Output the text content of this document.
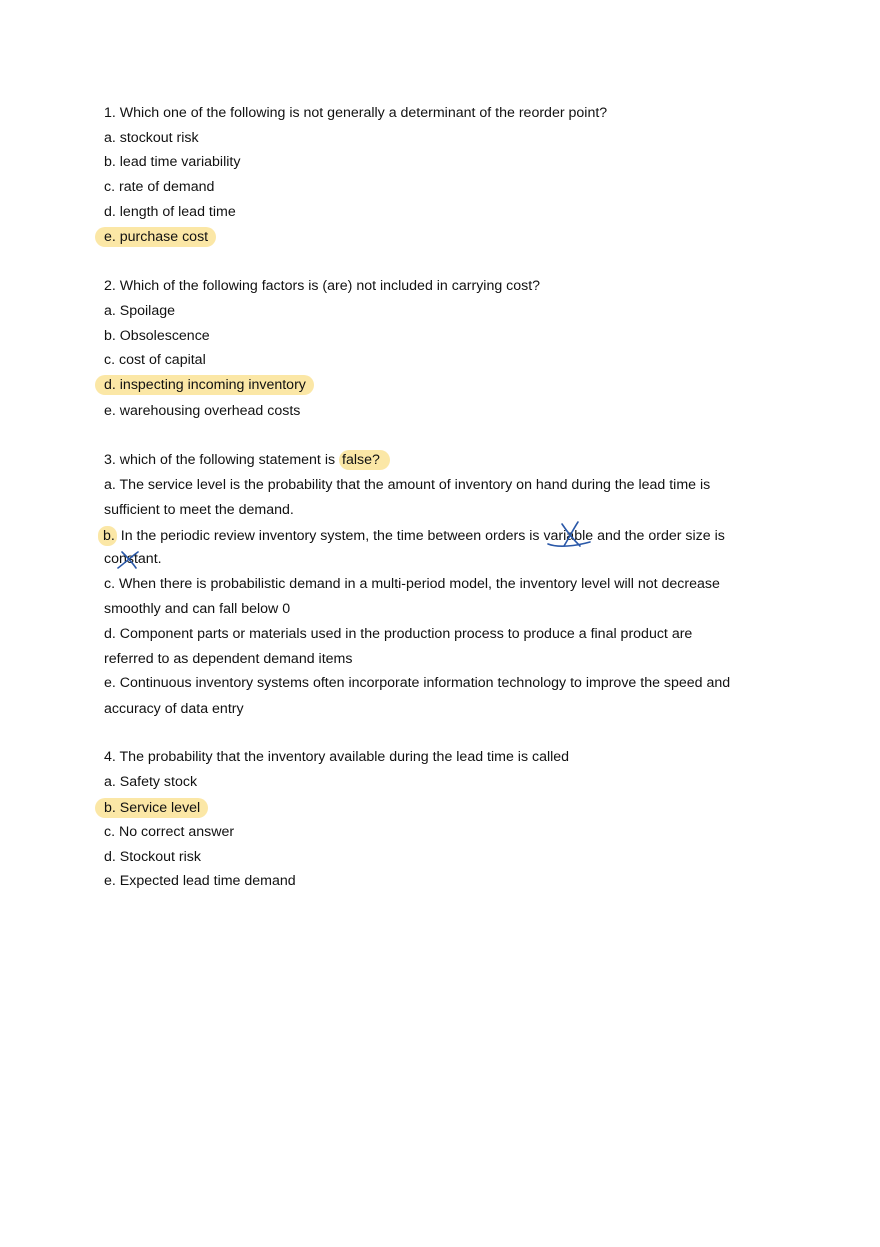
1. Which one of the following is not generally a determinant of the reorder point?
a. stockout risk
b. lead time variability
c. rate of demand
d. length of lead time
e. purchase cost
2. Which of the following factors is (are) not included in carrying cost?
a. Spoilage
b. Obsolescence
c. cost of capital
d. inspecting incoming inventory
e. warehousing overhead costs
3. which of the following statement is false?
a. The service level is the probability that the amount of inventory on hand during the lead time is
sufficient to meet the demand.
b. In the periodic review inventory system, the time between orders is variable and the order size is
constant.
c. When there is probabilistic demand in a multi-period model, the inventory level will not decrease
smoothly and can fall below 0
d. Component parts or materials used in the production process to produce a final product are
referred to as dependent demand items
e. Continuous inventory systems often incorporate information technology to improve the speed and
accuracy of data entry
4. The probability that the inventory available during the lead time is called
a. Safety stock
b. Service level
c. No correct answer
d. Stockout risk
e. Expected lead time demand
